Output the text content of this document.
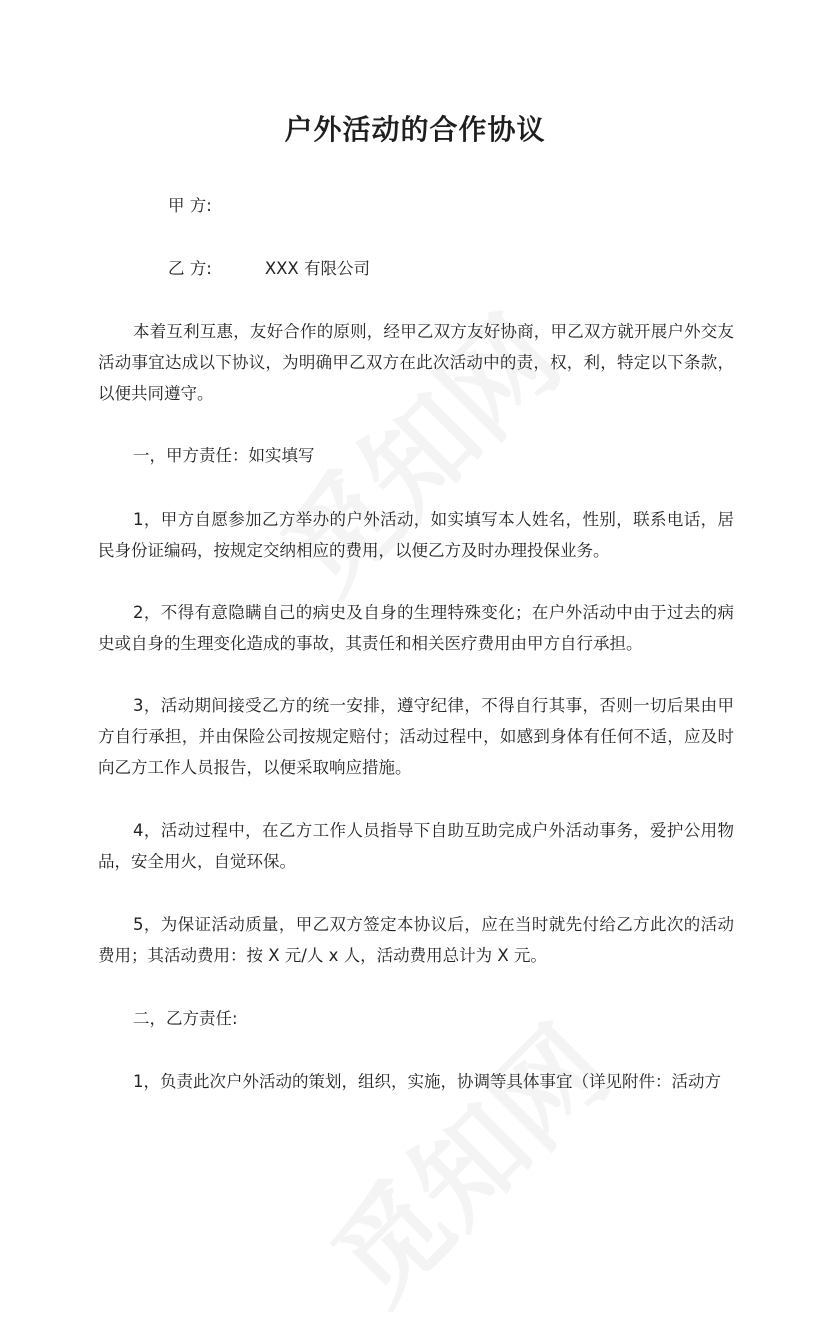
户外活动的合作协议

甲 方:

乙 方:	XXX 有限公司

本着互利互惠，友好合作的原则，经甲乙双方友好协商，甲乙双方就开展户外交友活动事宜达成以下协议，为明确甲乙双方在此次活动中的责，权，利，特定以下条款，以便共同遵守。

一，甲方责任：如实填写

1，甲方自愿参加乙方举办的户外活动，如实填写本人姓名，性别，联系电话，居民身份证编码，按规定交纳相应的费用，以便乙方及时办理投保业务。

2，不得有意隐瞒自己的病史及自身的生理特殊变化；在户外活动中由于过去的病史或自身的生理变化造成的事故，其责任和相关医疗费用由甲方自行承担。

3，活动期间接受乙方的统一安排，遵守纪律，不得自行其事，否则一切后果由甲方自行承担，并由保险公司按规定赔付；活动过程中，如感到身体有任何不适，应及时向乙方工作人员报告，以便采取响应措施。

4，活动过程中，在乙方工作人员指导下自助互助完成户外活动事务，爱护公用物品，安全用火，自觉环保。

5，为保证活动质量，甲乙双方签定本协议后，应在当时就先付给乙方此次的活动费用；其活动费用：按 X 元/人 x 人，活动费用总计为 X 元。

二，乙方责任:

1，负责此次户外活动的策划，组织，实施，协调等具体事宜（详见附件：活动方
